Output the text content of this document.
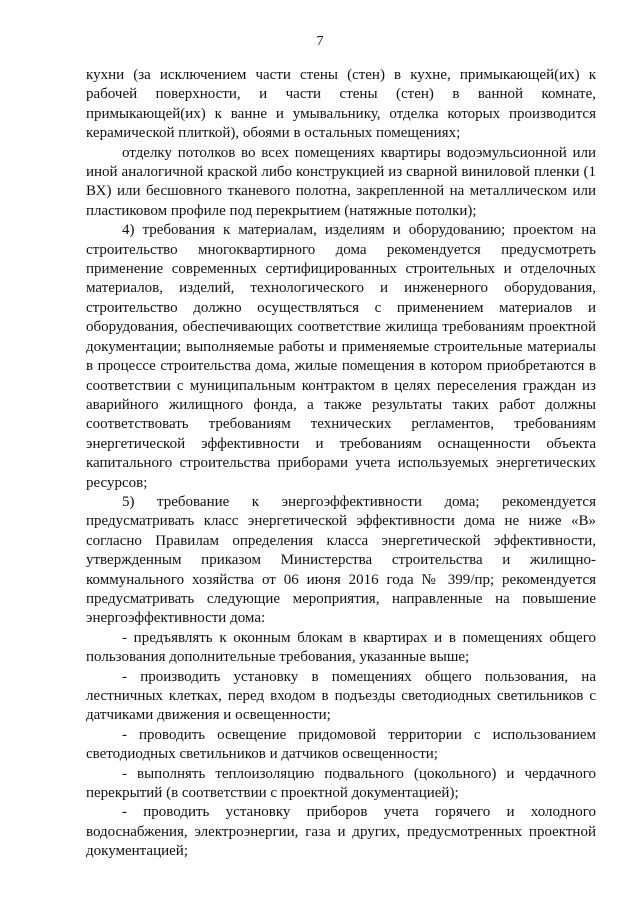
7

кухни (за исключением части стены (стен) в кухне, примыкающей(их) к рабочей поверхности, и части стены (стен) в ванной комнате, примыкающей(их) к ванне и умывальнику, отделка которых производится керамической плиткой), обоями в остальных помещениях;

отделку потолков во всех помещениях квартиры водоэмульсионной или иной аналогичной краской либо конструкцией из сварной виниловой пленки (1 ВХ) или бесшовного тканевого полотна, закрепленной на металлическом или пластиковом профиле под перекрытием (натяжные потолки);

4) требования к материалам, изделиям и оборудованию; проектом на строительство многоквартирного дома рекомендуется предусмотреть применение современных сертифицированных строительных и отделочных материалов, изделий, технологического и инженерного оборудования, строительство должно осуществляться с применением материалов и оборудования, обеспечивающих соответствие жилища требованиям проектной документации; выполняемые работы и применяемые строительные материалы в процессе строительства дома, жилые помещения в котором приобретаются в соответствии с муниципальным контрактом в целях переселения граждан из аварийного жилищного фонда, а также результаты таких работ должны соответствовать требованиям технических регламентов, требованиям энергетической эффективности и требованиям оснащенности объекта капитального строительства приборами учета используемых энергетических ресурсов;

5) требование к энергоэффективности дома; рекомендуется предусматривать класс энергетической эффективности дома не ниже «В» согласно Правилам определения класса энергетической эффективности, утвержденным приказом Министерства строительства и жилищно-коммунального хозяйства от 06 июня 2016 года № 399/пр; рекомендуется предусматривать следующие мероприятия, направленные на повышение энергоэффективности дома:

- предъявлять к оконным блокам в квартирах и в помещениях общего пользования дополнительные требования, указанные выше;

- производить установку в помещениях общего пользования, на лестничных клетках, перед входом в подъезды светодиодных светильников с датчиками движения и освещенности;

- проводить освещение придомовой территории с использованием светодиодных светильников и датчиков освещенности;

- выполнять теплоизоляцию подвального (цокольного) и чердачного перекрытий (в соответствии с проектной документацией);

- проводить установку приборов учета горячего и холодного водоснабжения, электроэнергии, газа и других, предусмотренных проектной документацией;
